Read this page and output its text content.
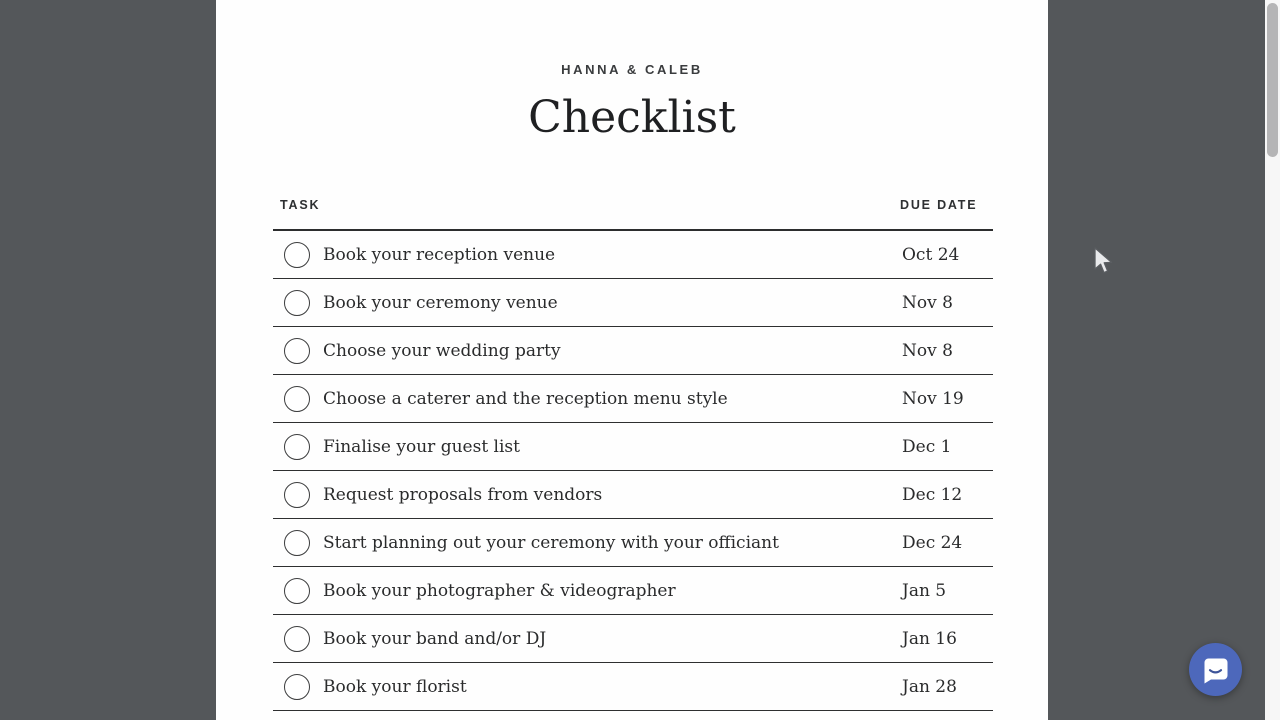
HANNA & CALEB
Checklist
TASK	DUE DATE
Book your reception venue	Oct 24
Book your ceremony venue	Nov 8
Choose your wedding party	Nov 8
Choose a caterer and the reception menu style	Nov 19
Finalise your guest list	Dec 1
Request proposals from vendors	Dec 12
Start planning out your ceremony with your officiant	Dec 24
Book your photographer & videographer	Jan 5
Book your band and/or DJ	Jan 16
Book your florist	Jan 28
